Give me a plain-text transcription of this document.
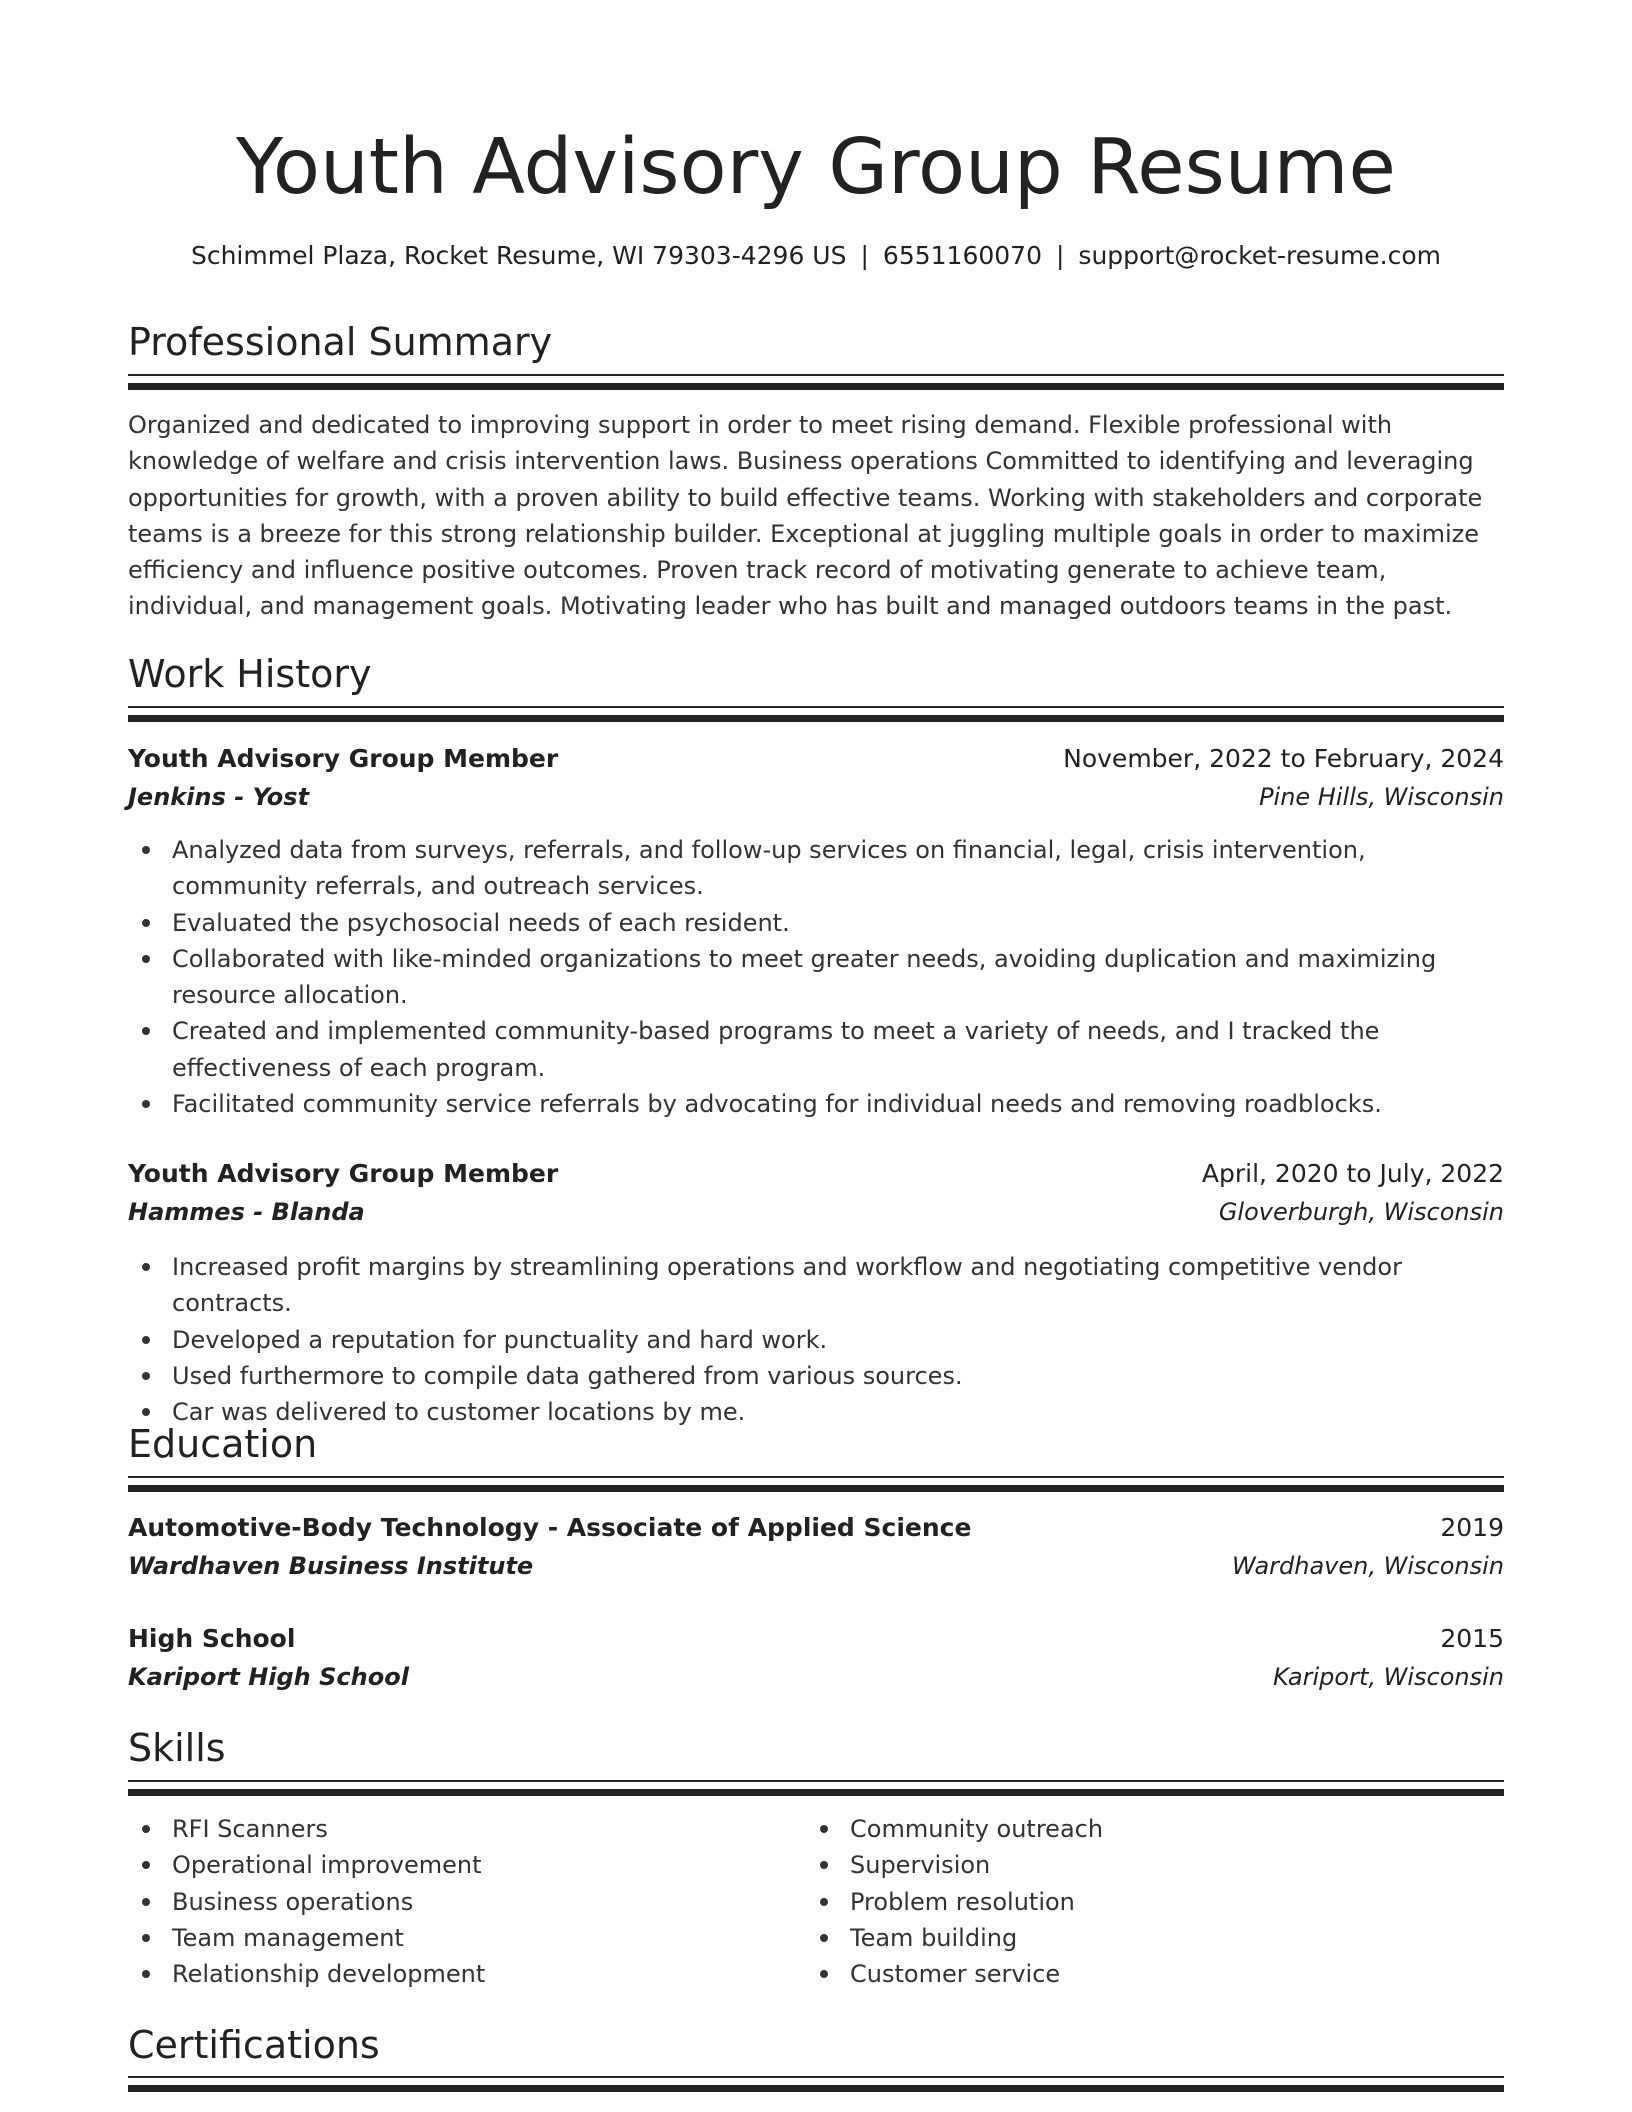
Youth Advisory Group Resume
Schimmel Plaza, Rocket Resume, WI 79303-4296 US | 6551160070 | support@rocket-resume.com
Professional Summary

Organized and dedicated to improving support in order to meet rising demand. Flexible professional with knowledge of welfare and crisis intervention laws. Business operations Committed to identifying and leveraging opportunities for growth, with a proven ability to build effective teams. Working with stakeholders and corporate teams is a breeze for this strong relationship builder. Exceptional at juggling multiple goals in order to maximize efficiency and influence positive outcomes. Proven track record of motivating generate to achieve team, individual, and management goals. Motivating leader who has built and managed outdoors teams in the past.

Work History
Youth Advisory Group Member	November, 2022 to February, 2024
Jenkins - Yost	Pine Hills, Wisconsin
Analyzed data from surveys, referrals, and follow-up services on financial, legal, crisis intervention, community referrals, and outreach services.
Evaluated the psychosocial needs of each resident.
Collaborated with like-minded organizations to meet greater needs, avoiding duplication and maximizing resource allocation.
Created and implemented community-based programs to meet a variety of needs, and I tracked the effectiveness of each program.
Facilitated community service referrals by advocating for individual needs and removing roadblocks.
Youth Advisory Group Member	April, 2020 to July, 2022
Hammes - Blanda	Gloverburgh, Wisconsin
Increased profit margins by streamlining operations and workflow and negotiating competitive vendor contracts.
Developed a reputation for punctuality and hard work.
Used furthermore to compile data gathered from various sources.
Car was delivered to customer locations by me.
Education
Automotive-Body Technology - Associate of Applied Science	2019
Wardhaven Business Institute	Wardhaven, Wisconsin
High School	2015
Kariport High School	Kariport, Wisconsin
Skills
RFI Scanners
Operational improvement
Business operations
Team management
Relationship development
Community outreach
Supervision
Problem resolution
Team building
Customer service
Certifications
